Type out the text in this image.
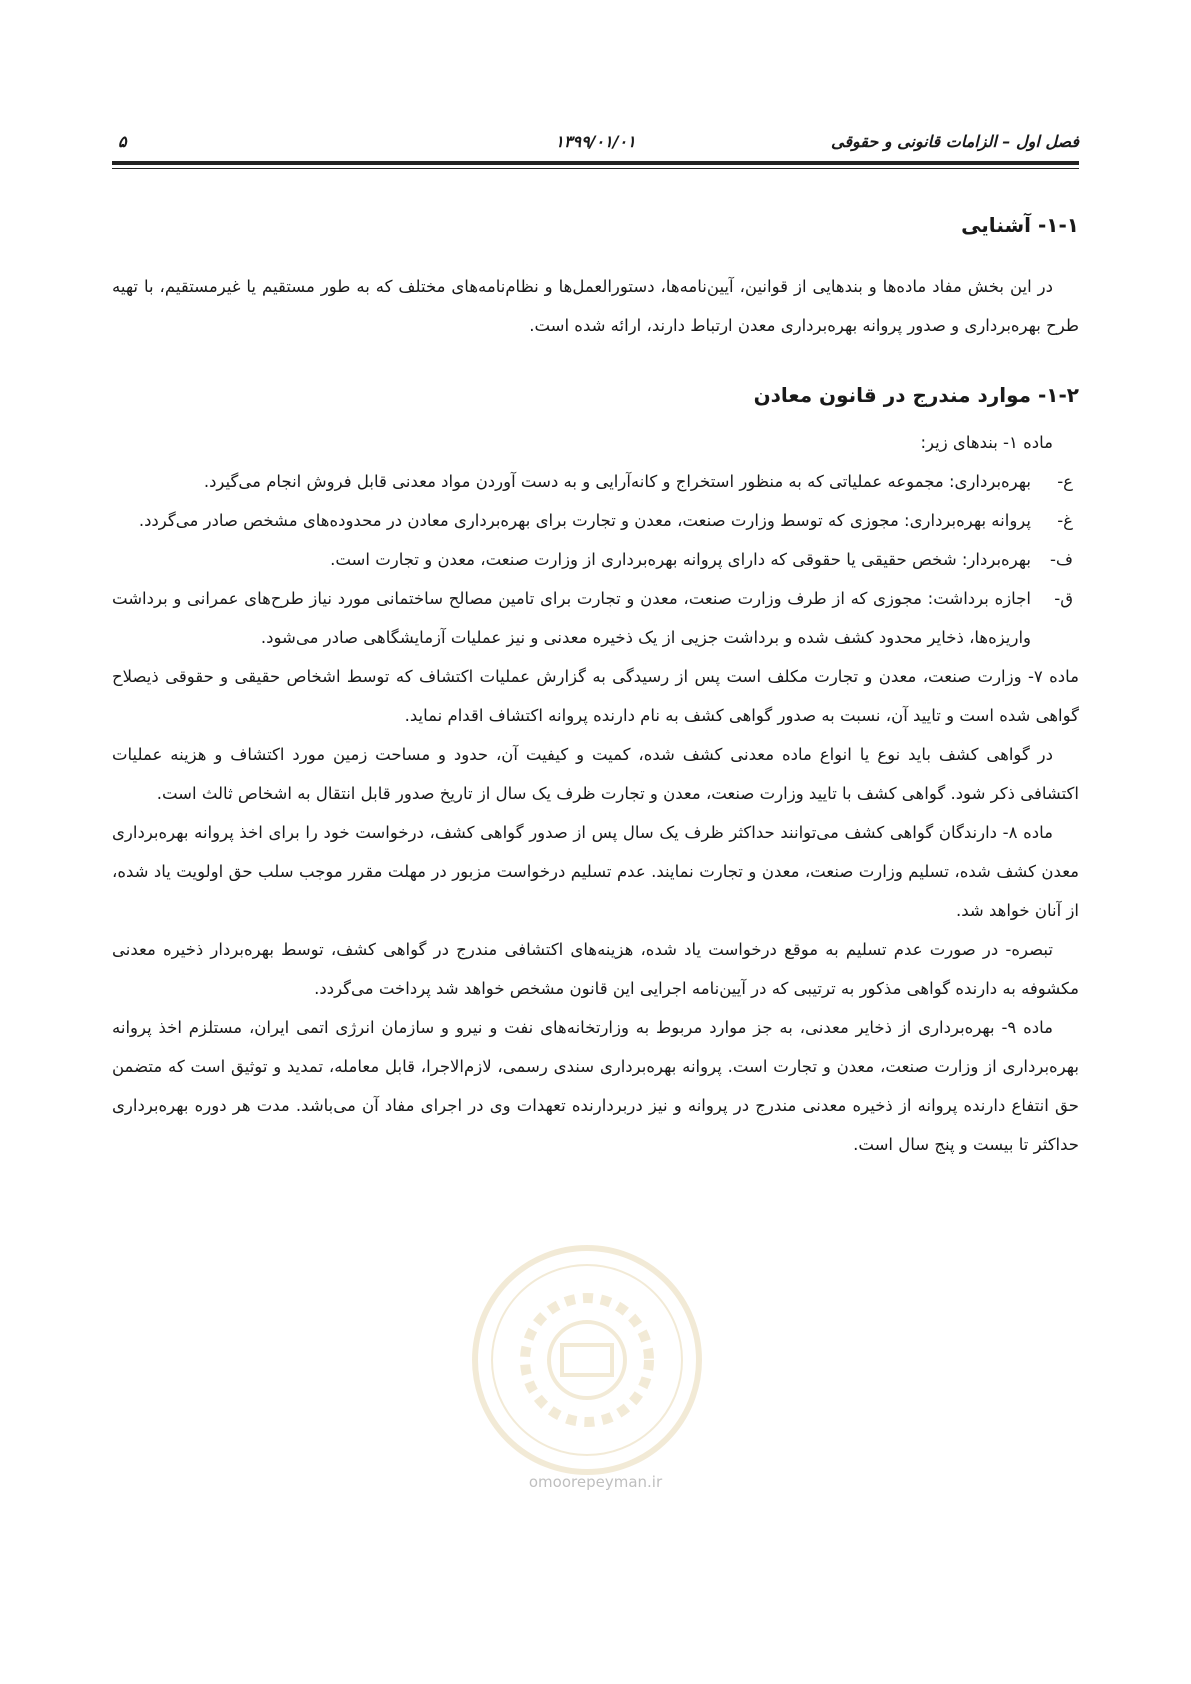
فصل اول – الزامات قانونی و حقوقی
۱۳۹۹/۰۱/۰۱
۵
۱-۱- آشنایی

در این بخش مفاد ماده‌ها و بندهایی از قوانین، آیین‌نامه‌ها، دستورالعمل‌ها و نظام‌نامه‌های مختلف که به طور مستقیم یا غیرمستقیم، با تهیه طرح بهره‌برداری و صدور پروانه بهره‌برداری معدن ارتباط دارند، ارائه شده است.

۱-۲- موارد مندرج در قانون معادن

ماده ۱- بندهای زیر:

ع-
بهره‌برداری: مجموعه عملیاتی که به منظور استخراج و کانه‌آرایی و به دست آوردن مواد معدنی قابل فروش انجام می‌گیرد.
غ-
پروانه بهره‌برداری: مجوزی که توسط وزارت صنعت، معدن و تجارت برای بهره‌برداری معادن در محدوده‌های مشخص صادر می‌گردد.
ف-
بهره‌بردار: شخص حقیقی یا حقوقی که دارای پروانه بهره‌برداری از وزارت صنعت، معدن و تجارت است.
ق-
اجازه برداشت: مجوزی که از طرف وزارت صنعت، معدن و تجارت برای تامین مصالح ساختمانی مورد نیاز طرح‌های عمرانی و برداشت واریزه‌ها، ذخایر محدود کشف شده و برداشت جزیی از یک ذخیره معدنی و نیز عملیات آزمایشگاهی صادر می‌شود.

ماده ۷- وزارت صنعت، معدن و تجارت مکلف است پس از رسیدگی به گزارش عملیات اکتشاف که توسط اشخاص حقیقی و حقوقی ذیصلاح گواهی شده است و تایید آن، نسبت به صدور گواهی کشف به نام دارنده پروانه اکتشاف اقدام نماید.

در گواهی کشف باید نوع یا انواع ماده معدنی کشف شده، کمیت و کیفیت آن، حدود و مساحت زمین مورد اکتشاف و هزینه عملیات اکتشافی ذکر شود. گواهی کشف با تایید وزارت صنعت، معدن و تجارت ظرف یک سال از تاریخ صدور قابل انتقال به اشخاص ثالث است.

ماده ۸- دارندگان گواهی کشف می‌توانند حداکثر ظرف یک سال پس از صدور گواهی کشف، درخواست خود را برای اخذ پروانه بهره‌برداری معدن کشف شده، تسلیم وزارت صنعت، معدن و تجارت نمایند. عدم تسلیم درخواست مزبور در مهلت مقرر موجب سلب حق اولویت یاد شده، از آنان خواهد شد.

تبصره- در صورت عدم تسلیم به موقع درخواست یاد شده، هزینه‌های اکتشافی مندرج در گواهی کشف، توسط بهره‌بردار ذخیره معدنی مکشوفه به دارنده گواهی مذکور به ترتیبی که در آیین‌نامه اجرایی این قانون مشخص خواهد شد پرداخت می‌گردد.

ماده ۹- بهره‌برداری از ذخایر معدنی، به جز موارد مربوط به وزارتخانه‌های نفت و نیرو و سازمان انرژی اتمی ایران، مستلزم اخذ پروانه بهره‌برداری از وزارت صنعت، معدن و تجارت است. پروانه بهره‌برداری سندی رسمی، لازم‌الاجرا، قابل معامله، تمدید و توثیق است که متضمن حق انتفاع دارنده پروانه از ذخیره معدنی مندرج در پروانه و نیز دربردارنده تعهدات وی در اجرای مفاد آن می‌باشد. مدت هر دوره بهره‌برداری حداکثر تا بیست و پنج سال است.

omoorepeyman.ir
